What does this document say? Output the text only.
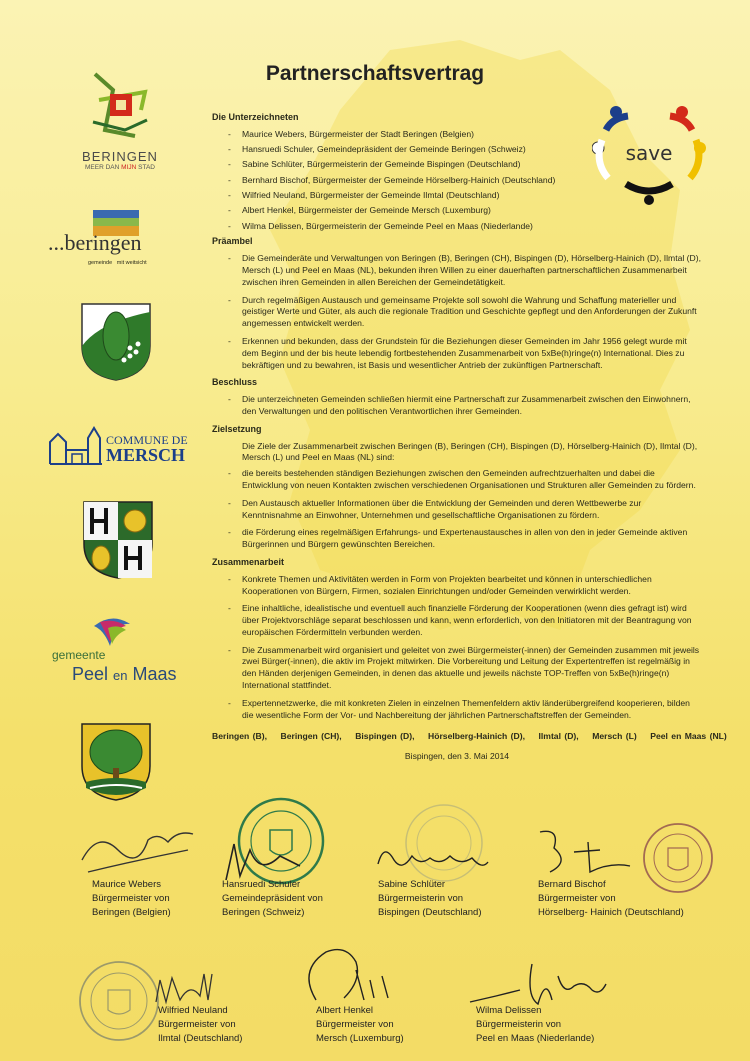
Partnerschaftsvertrag
BERINGEN
MEER DAN MIJN STAD
...beringen
gemeinde mit weitsicht
COMMUNE DE
MERSCH
gemeente
Peel en Maas
save
Die Unterzeichneten
- Maurice Webers, Bürgermeister der Stadt Beringen (Belgien)
- Hansruedi Schuler, Gemeindepräsident der Gemeinde Beringen (Schweiz)
- Sabine Schlüter, Bürgermeisterin der Gemeinde Bispingen (Deutschland)
- Bernhard Bischof, Bürgermeister der Gemeinde Hörselberg-Hainich (Deutschland)
- Wilfried Neuland, Bürgermeister der Gemeinde Ilmtal (Deutschland)
- Albert Henkel, Bürgermeister der Gemeinde Mersch (Luxemburg)
- Wilma Delissen, Bürgermeisterin der Gemeinde Peel en Maas (Niederlande)
Präambel
- Die Gemeinderäte und Verwaltungen von Beringen (B), Beringen (CH), Bispingen (D), Hörselberg-Hainich (D), Ilmtal (D), Mersch (L) und Peel en Maas (NL), bekunden ihren Willen zu einer dauerhaften partnerschaftlichen Zusammenarbeit zwischen ihren Gemeinden in allen Bereichen der Gemeindetätigkeit.
- Durch regelmäßigen Austausch und gemeinsame Projekte soll sowohl die Wahrung und Schaffung materieller und geistiger Werte und Güter, als auch die regionale Tradition und Geschichte gepflegt und den Anforderungen der Zukunft angemessen entwickelt werden.
- Erkennen und bekunden, dass der Grundstein für die Beziehungen dieser Gemeinden im Jahr 1956 gelegt wurde mit dem Beginn und der bis heute lebendig fortbestehenden Zusammenarbeit von 5xBe(h)ringe(n) International. Dies zu bekräftigen und zu bewahren, ist Basis und wesentlicher Antrieb der zukünftigen Partnerschaft.
Beschluss
- Die unterzeichneten Gemeinden schließen hiermit eine Partnerschaft zur Zusammenarbeit zwischen den Einwohnern, den Verwaltungen und den politischen Verantwortlichen ihrer Gemeinden.
Zielsetzung
Die Ziele der Zusammenarbeit zwischen Beringen (B), Beringen (CH), Bispingen (D), Hörselberg-Hainich (D), Ilmtal (D), Mersch (L) und Peel en Maas (NL) sind:
- die bereits bestehenden ständigen Beziehungen zwischen den Gemeinden aufrechtzuerhalten und dabei die Entwicklung von neuen Kontakten zwischen verschiedenen Organisationen und Strukturen aller Gemeinden zu fördern.
- Den Austausch aktueller Informationen über die Entwicklung der Gemeinden und deren Wettbewerbe zur Kenntnisnahme an Einwohner, Unternehmen und gesellschaftliche Organisationen zu fördern.
- die Förderung eines regelmäßigen Erfahrungs- und Expertenaustausches in allen von den in jeder Gemeinde aktiven Bürgerinnen und Bürgern gewünschten Bereichen.
Zusammenarbeit
- Konkrete Themen und Aktivitäten werden in Form von Projekten bearbeitet und können in unterschiedlichen Kooperationen von Bürgern, Firmen, sozialen Einrichtungen und/oder Gemeinden verwirklicht werden.
- Eine inhaltliche, idealistische und eventuell auch finanzielle Förderung der Kooperationen (wenn dies gefragt ist) wird über Projektvorschläge separat beschlossen und kann, wenn erforderlich, von den Initiatoren mit der Beantragung von europäischen Fördermitteln verbunden werden.
- Die Zusammenarbeit wird organisiert und geleitet von zwei Bürgermeister(-innen) der Gemeinden zusammen mit jeweils zwei Bürger(-innen), die aktiv im Projekt mitwirken. Die Vorbereitung und Leitung der Expertentreffen ist regelmäßig in den Händen derjenigen Gemeinden, in denen das aktuelle und jeweils nächste TOP-Treffen von 5xBe(h)ringe(n) International stattfindet.
- Expertennetzwerke, die mit konkreten Zielen in einzelnen Themenfeldern aktiv länderübergreifend kooperieren, bilden die wesentliche Form der Vor- und Nachbereitung der jährlichen Partnerschaftstreffen der Gemeinden.
Beringen (B),    Beringen (CH),    Bispingen (D),    Hörselberg-Hainich (D),    Ilmtal (D),    Mersch (L)    Peel en Maas (NL)
Bispingen, den 3. Mai 2014
Maurice Webers
Bürgermeister von
Beringen (Belgien)
Hansruedi Schuler
Gemeindepräsident von
Beringen (Schweiz)
Sabine Schlüter
Bürgermeisterin von
Bispingen (Deutschland)
Bernard Bischof
Bürgermeister von
Hörselberg- Hainich (Deutschland)
Wilfried Neuland
Bürgermeister von
Ilmtal (Deutschland)
Albert Henkel
Bürgermeister von
Mersch (Luxemburg)
Wilma Delissen
Bürgermeisterin von
Peel en Maas (Niederlande)
